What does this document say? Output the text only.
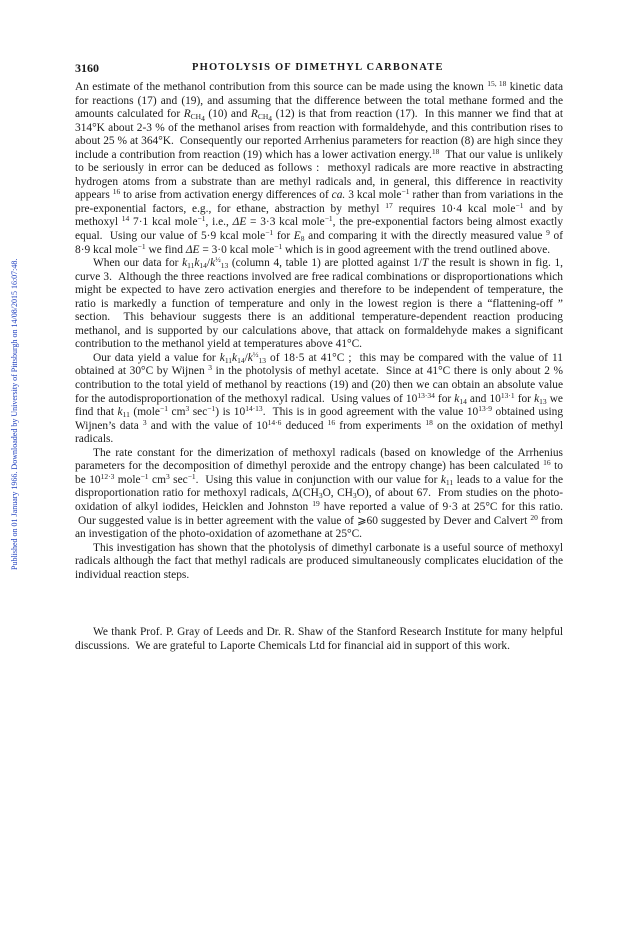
Published on 01 January 1966. Downloaded by University of Pittsburgh on 14/08/2015 16:07:48.
3160	PHOTOLYSIS OF DIMETHYL CARBONATE

An estimate of the methanol contribution from this source can be made using the known $^{15, 18}$ kinetic data for reactions (17) and (19), and assuming that the difference between the total methane formed and the amounts calculated for $R_{CH_4}$ (10) and $R_{CH_4}$ (12) is that from reaction (17).  In this manner we find that at 314°K about 2-3 % of the methanol arises from reaction with formaldehyde, and this contribution rises to about 25 % at 364°K.  Consequently our reported Arrhenius parameters for reaction (8) are high since they include a contribution from reaction (19) which has a lower activation energy.$^{18}$  That our value is unlikely to be seriously in error can be deduced as follows :  methoxyl radicals are more reactive in abstracting hydrogen atoms from a substrate than are methyl radicals and, in general, this difference in reactivity appears $^{16}$ to arise from activation energy differences of ca. 3 kcal mole$^{-1}$ rather than from variations in the pre-exponential factors, e.g., for ethane, abstraction by methyl $^{17}$ requires 10·4 kcal mole$^{-1}$ and by methoxyl $^{14}$ 7·1 kcal mole$^{-1}$, i.e., ΔE = 3·3 kcal mole$^{-1}$, the pre-exponential factors being almost exactly equal.  Using our value of 5·9 kcal mole$^{-1}$ for $E_8$ and comparing it with the directly measured value $^9$ of 8·9 kcal mole$^{-1}$ we find ΔE = 3·0 kcal mole$^{-1}$ which is in good agreement with the trend outlined above.

When our data for $k_{11}k_{14}/k^{\frac{1}{2}}_{13}$ (column 4, table 1) are plotted against 1/T the result is shown in fig. 1, curve 3.  Although the three reactions involved are free radical combinations or disproportionations which might be expected to have zero activation energies and therefore to be independent of temperature, the ratio is markedly a function of temperature and only in the lowest region is there a “flattening-off ” section.  This behaviour suggests there is an additional temperature-dependent reaction producing methanol, and is supported by our calculations above, that attack on formaldehyde makes a significant contribution to the methanol yield at temperatures above 41°C.

Our data yield a value for $k_{11}k_{14}/k^{\frac{1}{2}}_{13}$ of 18·5 at 41°C ;  this may be compared with the value of 11 obtained at 30°C by Wijnen $^3$ in the photolysis of methyl acetate.  Since at 41°C there is only about 2 % contribution to the total yield of methanol by reactions (19) and (20) then we can obtain an absolute value for the autodisproportionation of the methoxyl radical.  Using values of $10^{13\cdot 34}$ for $k_{14}$ and $10^{13\cdot 1}$ for $k_{13}$ we find that $k_{11}$ (mole$^{-1}$ $cm^3$ $\sec^{-1}$) is $10^{14\cdot 13}$.  This is in good agreement with the value $10^{13\cdot 9}$ obtained using Wijnen’s data $^3$ and with the value of $10^{14\cdot 6}$ deduced $^{16}$ from experiments $^{18}$ on the oxidation of methyl radicals.

The rate constant for the dimerization of methoxyl radicals (based on knowledge of the Arrhenius parameters for the decomposition of dimethyl peroxide and the entropy change) has been calculated $^{16}$ to be $10^{12\cdot 3}$ mole$^{-1}$ $cm^3$ $\sec^{-1}$.  Using this value in conjunction with our value for $k_{11}$ leads to a value for the disproportionation ratio for methoxyl radicals, $\Delta(CH_3O$, $CH_3O$), of about 67.  From studies on the photo-oxidation of alkyl iodides, Heicklen and Johnston $^{19}$ have reported a value of 9·3 at 25°C for this ratio.  Our suggested value is in better agreement with the value of ⩾60 suggested by Dever and Calvert $^{20}$ from an investigation of the photo-oxidation of azomethane at 25°C.

This investigation has shown that the photolysis of dimethyl carbonate is a useful source of methoxyl radicals although the fact that methyl radicals are produced simultaneously complicates elucidation of the individual reaction steps.

We thank Prof. P. Gray of Leeds and Dr. R. Shaw of the Stanford Research Institute for many helpful discussions.  We are grateful to Laporte Chemicals Ltd for financial aid in support of this work.
